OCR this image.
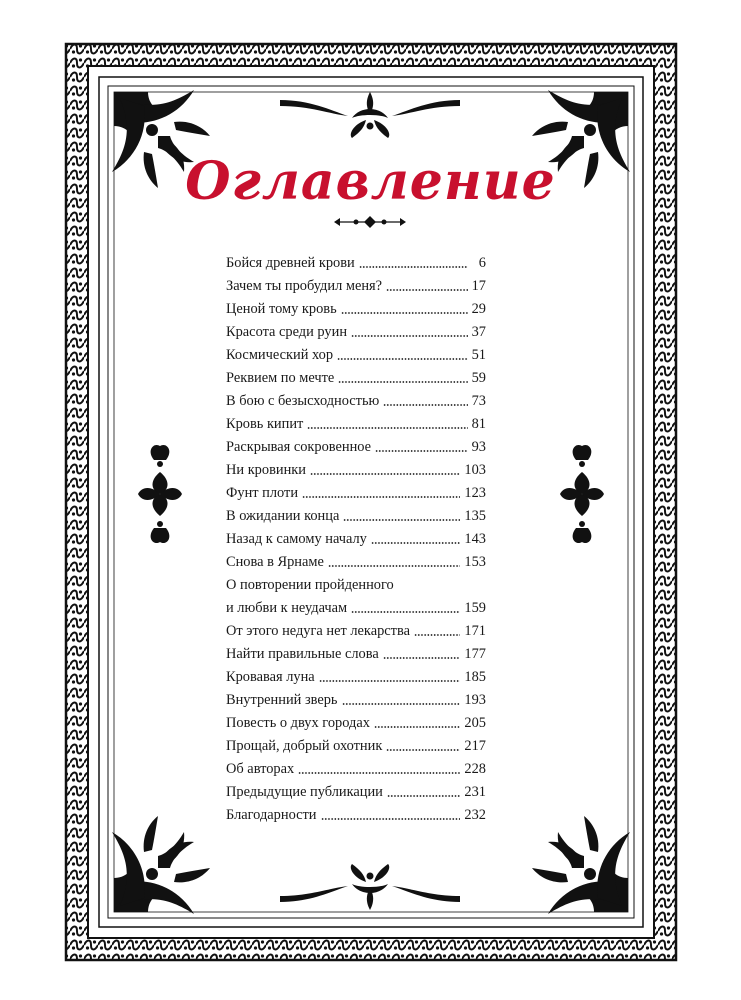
Оглавление
Бойся древней крови	6
Зачем ты пробудил меня?	17
Ценой тому кровь	29
Красота среди руин	37
Космический хор	51
Реквием по мечте	59
В бою с безысходностью	73
Кровь кипит	81
Раскрывая сокровенное	93
Ни кровинки	103
Фунт плоти	123
В ожидании конца	135
Назад к самому началу	143
Снова в Ярнаме	153
О повторении пройденного
и любви к неудачам	159
От этого недуга нет лекарства	171
Найти правильные слова	177
Кровавая луна	185
Внутренний зверь	193
Повесть о двух городах	205
Прощай, добрый охотник	217
Об авторах	228
Предыдущие публикации	231
Благодарности	232
